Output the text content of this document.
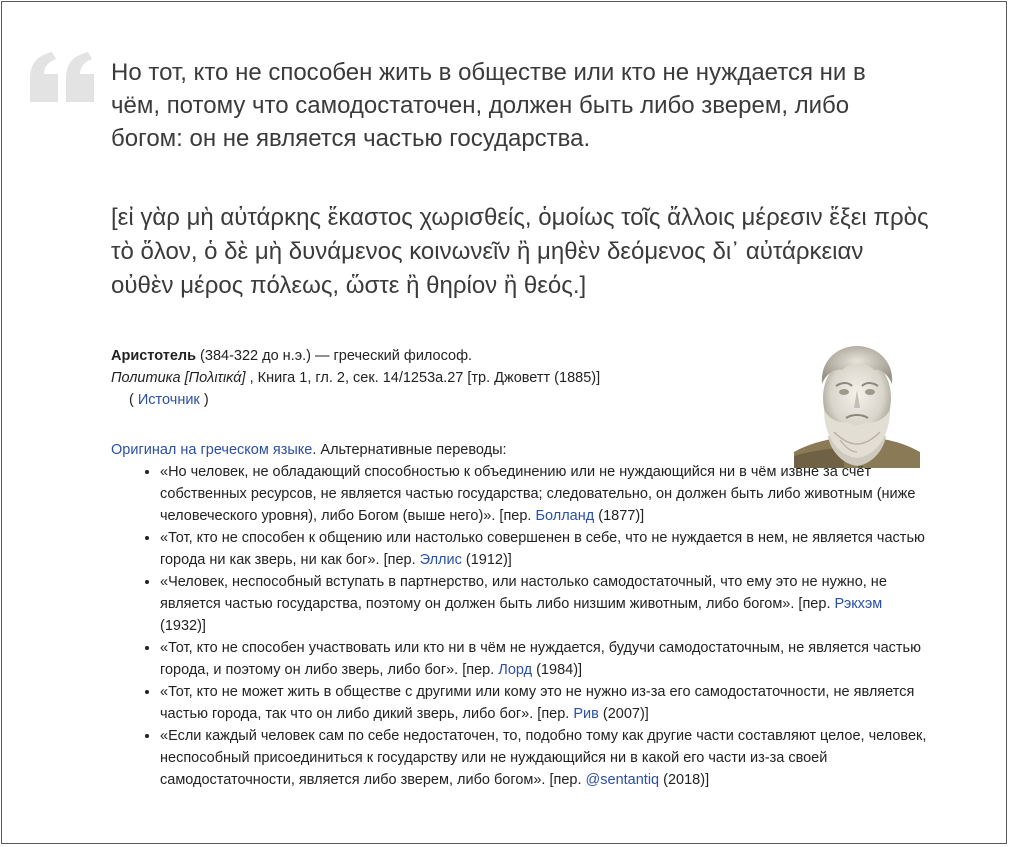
Но тот, кто не способен жить в обществе или кто не нуждается ни в чём, потому что самодостаточен, должен быть либо зверем, либо богом: он не является частью государства.

[εἰ γὰρ μὴ αὐτάρκης ἕκαστος χωρισθείς, ὁμοίως τοῖς ἄλλοις μέρεσιν ἕξει πρὸς τὸ ὅλον, ὁ δὲ μὴ δυνάμενος κοινωνεῖν ἢ μηθὲν δεόμενος δι᾽ αὐτάρκειαν οὐθὲν μέρος πόλεως, ὥστε ἢ θηρίον ἢ θεός.]

Аристотель (384-322 до н.э.) — греческий философ.
Политика [Πολιτικά] , Книга 1, гл. 2, сек. 14/1253a.27 [тр. Джоветт (1885)]
( Источник )
Оригинал на греческом языке. Альтернативные переводы:
• «Но человек, не обладающий способностью к объединению или не нуждающийся ни в чём извне за счёт собственных ресурсов, не является частью государства; следовательно, он должен быть либо животным (ниже человеческого уровня), либо Богом (выше него)». [пер. Болланд (1877)]
• «Тот, кто не способен к общению или настолько совершенен в себе, что не нуждается в нем, не является частью города ни как зверь, ни как бог». [пер. Эллис (1912)]
• «Человек, неспособный вступать в партнерство, или настолько самодостаточный, что ему это не нужно, не является частью государства, поэтому он должен быть либо низшим животным, либо богом». [пер. Рэкхэм (1932)]
• «Тот, кто не способен участвовать или кто ни в чём не нуждается, будучи самодостаточным, не является частью города, и поэтому он либо зверь, либо бог». [пер. Лорд (1984)]
• «Тот, кто не может жить в обществе с другими или кому это не нужно из-за его самодостаточности, не является частью города, так что он либо дикий зверь, либо бог». [пер. Рив (2007)]
• «Если каждый человек сам по себе недостаточен, то, подобно тому как другие части составляют целое, человек, неспособный присоединиться к государству или не нуждающийся ни в какой его части из-за своей самодостаточности, является либо зверем, либо богом». [пер. @sentantiq (2018)]
